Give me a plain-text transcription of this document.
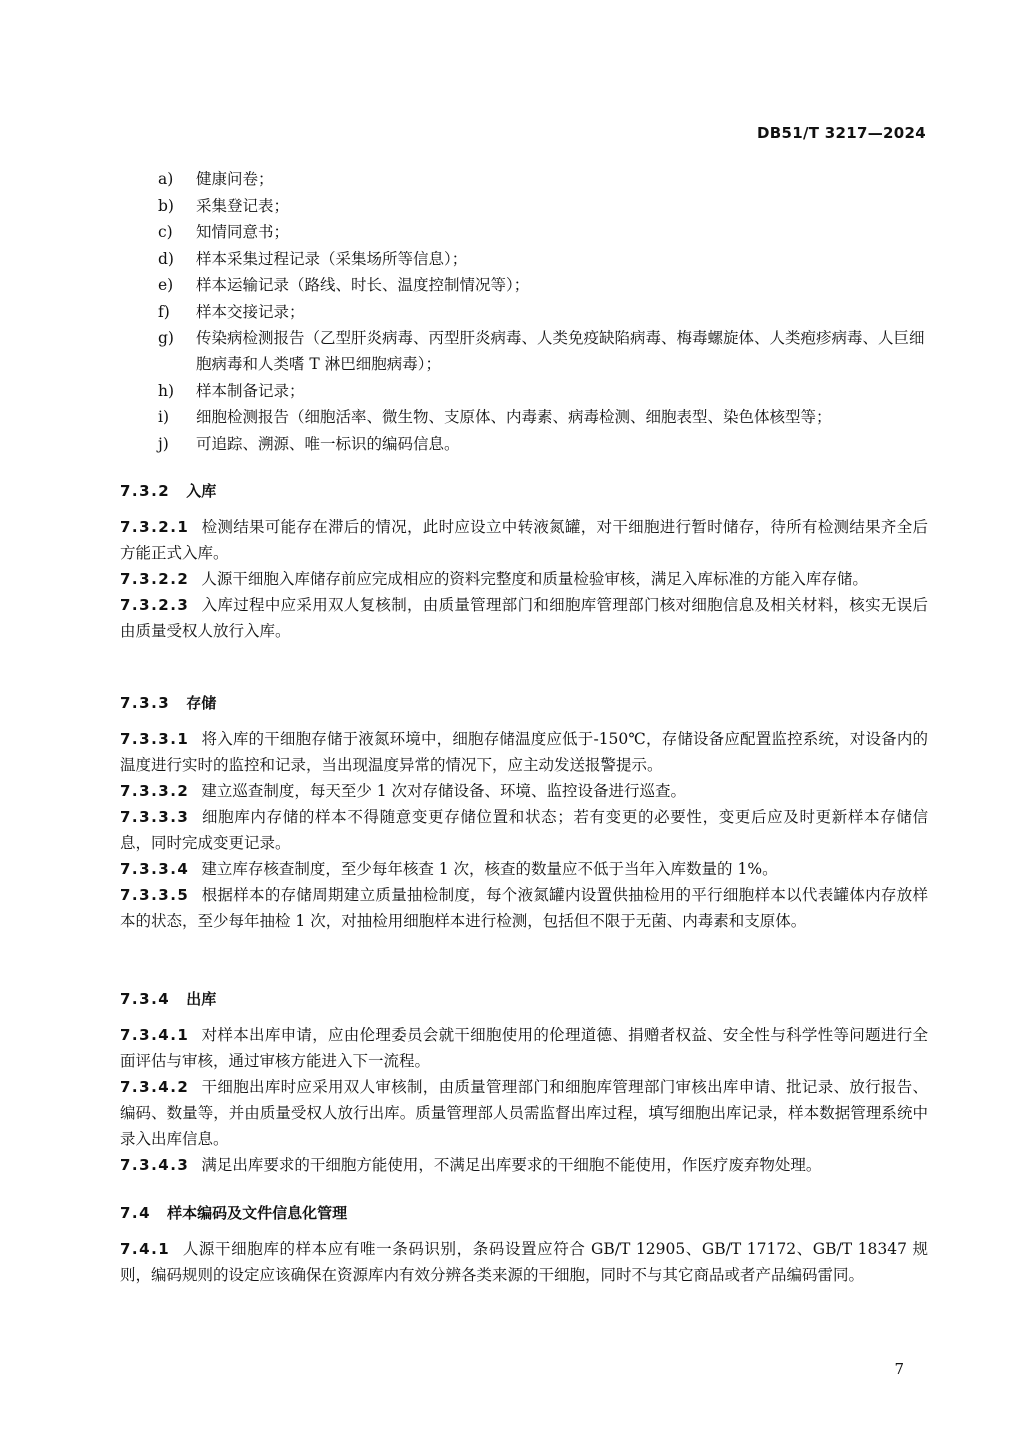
DB51/T 3217—2024
a)	健康问卷；
b)	采集登记表；
c)	知情同意书；
d)	样本采集过程记录（采集场所等信息）；
e)	样本运输记录（路线、时长、温度控制情况等）；
f)	样本交接记录；
g)	传染病检测报告（乙型肝炎病毒、丙型肝炎病毒、人类免疫缺陷病毒、梅毒螺旋体、人类疱疹病毒、人巨细胞病毒和人类嗜 T 淋巴细胞病毒）；
h)	样本制备记录；
i)	细胞检测报告（细胞活率、微生物、支原体、内毒素、病毒检测、细胞表型、染色体核型等；
j)	可追踪、溯源、唯一标识的编码信息。
7.3.2 入库

7.3.2.1 检测结果可能存在滞后的情况，此时应设立中转液氮罐，对干细胞进行暂时储存，待所有检测结果齐全后方能正式入库。

7.3.2.2 人源干细胞入库储存前应完成相应的资料完整度和质量检验审核，满足入库标准的方能入库存储。

7.3.2.3 入库过程中应采用双人复核制，由质量管理部门和细胞库管理部门核对细胞信息及相关材料，核实无误后由质量受权人放行入库。

7.3.3 存储

7.3.3.1 将入库的干细胞存储于液氮环境中，细胞存储温度应低于-150℃，存储设备应配置监控系统，对设备内的温度进行实时的监控和记录，当出现温度异常的情况下，应主动发送报警提示。

7.3.3.2 建立巡查制度，每天至少 1 次对存储设备、环境、监控设备进行巡查。

7.3.3.3 细胞库内存储的样本不得随意变更存储位置和状态；若有变更的必要性，变更后应及时更新样本存储信息，同时完成变更记录。

7.3.3.4 建立库存核查制度，至少每年核查 1 次，核查的数量应不低于当年入库数量的 1%。

7.3.3.5 根据样本的存储周期建立质量抽检制度，每个液氮罐内设置供抽检用的平行细胞样本以代表罐体内存放样本的状态，至少每年抽检 1 次，对抽检用细胞样本进行检测，包括但不限于无菌、内毒素和支原体。

7.3.4 出库

7.3.4.1 对样本出库申请，应由伦理委员会就干细胞使用的伦理道德、捐赠者权益、安全性与科学性等问题进行全面评估与审核，通过审核方能进入下一流程。

7.3.4.2 干细胞出库时应采用双人审核制，由质量管理部门和细胞库管理部门审核出库申请、批记录、放行报告、编码、数量等，并由质量受权人放行出库。质量管理部人员需监督出库过程，填写细胞出库记录，样本数据管理系统中录入出库信息。

7.3.4.3 满足出库要求的干细胞方能使用，不满足出库要求的干细胞不能使用，作医疗废弃物处理。

7.4 样本编码及文件信息化管理

7.4.1 人源干细胞库的样本应有唯一条码识别，条码设置应符合 GB/T 12905、GB/T 17172、GB/T 18347 规则，编码规则的设定应该确保在资源库内有效分辨各类来源的干细胞，同时不与其它商品或者产品编码雷同。

7
